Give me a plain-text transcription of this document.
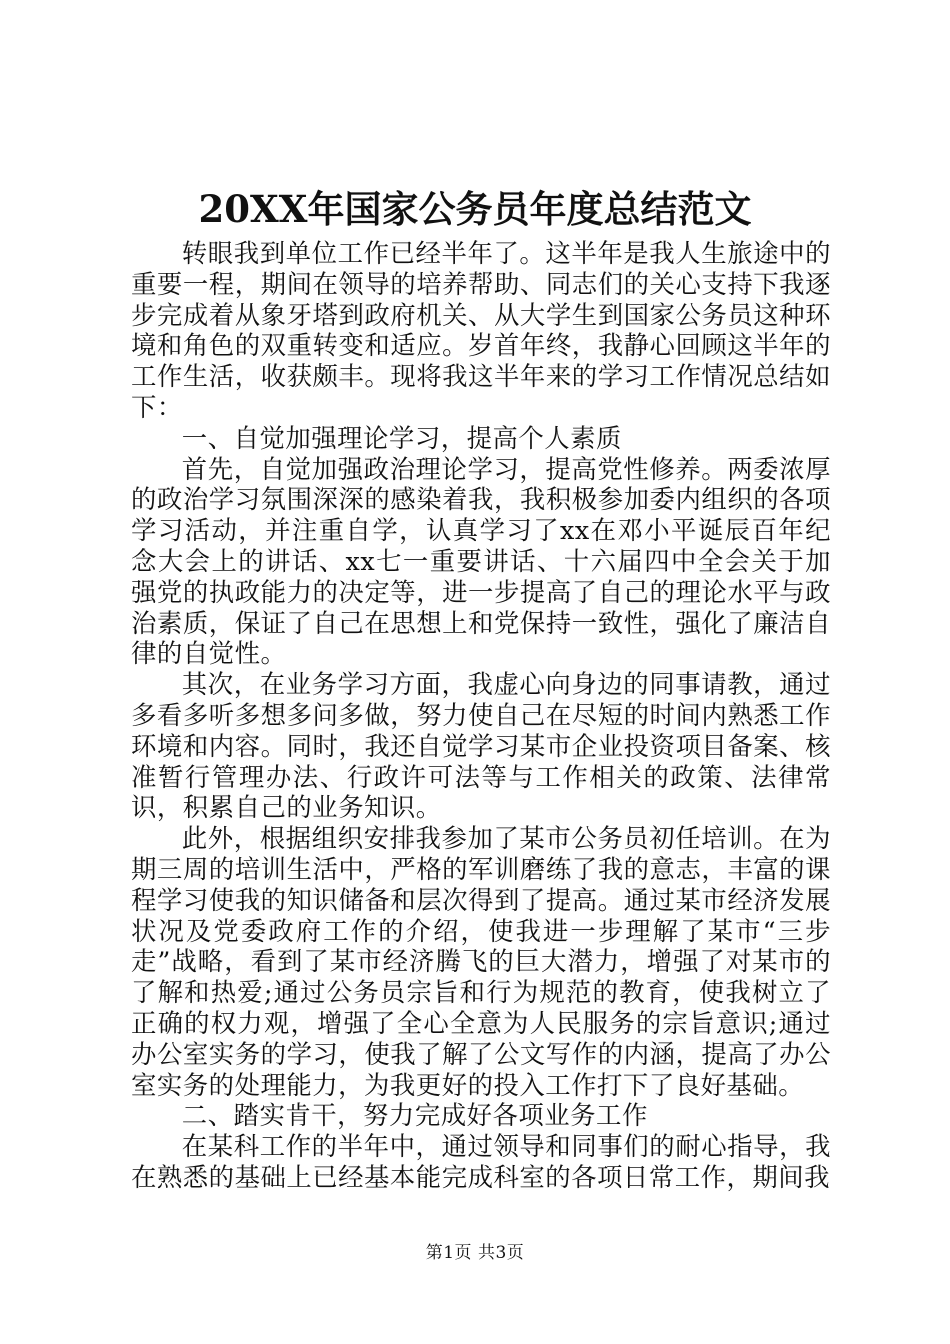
20XX年国家公务员年度总结范文

转眼我到单位工作已经半年了。这半年是我人生旅途中的重要一程，期间在领导的培养帮助、同志们的关心支持下我逐步完成着从象牙塔到政府机关、从大学生到国家公务员这种环境和角色的双重转变和适应。岁首年终，我静心回顾这半年的工作生活，收获颇丰。现将我这半年来的学习工作情况总结如下：

一、自觉加强理论学习，提高个人素质

首先，自觉加强政治理论学习，提高党性修养。两委浓厚的政治学习氛围深深的感染着我，我积极参加委内组织的各项学习活动，并注重自学，认真学习了xx在邓小平诞辰百年纪念大会上的讲话、xx七一重要讲话、十六届四中全会关于加强党的执政能力的决定等，进一步提高了自己的理论水平与政治素质，保证了自己在思想上和党保持一致性，强化了廉洁自律的自觉性。

其次，在业务学习方面，我虚心向身边的同事请教，通过多看多听多想多问多做，努力使自己在尽短的时间内熟悉工作环境和内容。同时，我还自觉学习某市企业投资项目备案、核准暂行管理办法、行政许可法等与工作相关的政策、法律常识，积累自己的业务知识。

此外，根据组织安排我参加了某市公务员初任培训。在为期三周的培训生活中，严格的军训磨练了我的意志，丰富的课程学习使我的知识储备和层次得到了提高。通过某市经济发展状况及党委政府工作的介绍，使我进一步理解了某市“三步走”战略，看到了某市经济腾飞的巨大潜力，增强了对某市的了解和热爱;通过公务员宗旨和行为规范的教育，使我树立了正确的权力观，增强了全心全意为人民服务的宗旨意识;通过办公室实务的学习，使我了解了公文写作的内涵，提高了办公室实务的处理能力，为我更好的投入工作打下了良好基础。

二、踏实肯干，努力完成好各项业务工作

在某科工作的半年中，通过领导和同事们的耐心指导，我在熟悉的基础上已经基本能完成科室的各项日常工作，期间我

第1页 共3页
